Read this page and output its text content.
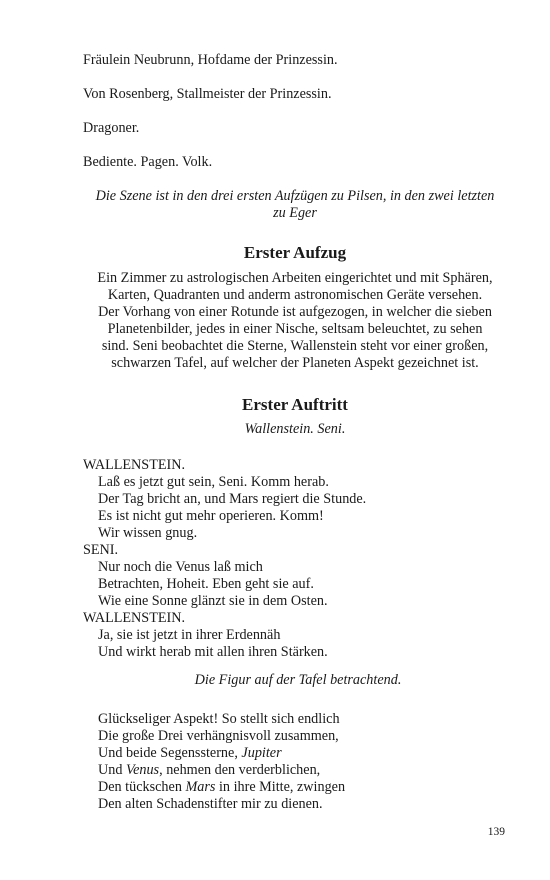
Fräulein Neubrunn, Hofdame der Prinzessin.
Von Rosenberg, Stallmeister der Prinzessin.
Dragoner.
Bediente. Pagen. Volk.
Die Szene ist in den drei ersten Aufzügen zu Pilsen, in den zwei letzten
zu Eger
Erster Aufzug
Ein Zimmer zu astrologischen Arbeiten eingerichtet und mit Sphären,
Karten, Quadranten und anderm astronomischen Geräte versehen.
Der Vorhang von einer Rotunde ist aufgezogen, in welcher die sieben
Planetenbilder, jedes in einer Nische, seltsam beleuchtet, zu sehen
sind. Seni beobachtet die Sterne, Wallenstein steht vor einer großen,
schwarzen Tafel, auf welcher der Planeten Aspekt gezeichnet ist.
Erster Auftritt
Wallenstein. Seni.
WALLENSTEIN.
Laß es jetzt gut sein, Seni. Komm herab.
Der Tag bricht an, und Mars regiert die Stunde.
Es ist nicht gut mehr operieren. Komm!
Wir wissen gnug.
SENI.
Nur noch die Venus laß mich
Betrachten, Hoheit. Eben geht sie auf.
Wie eine Sonne glänzt sie in dem Osten.
WALLENSTEIN.
Ja, sie ist jetzt in ihrer Erdennäh
Und wirkt herab mit allen ihren Stärken.
Die Figur auf der Tafel betrachtend.
Glückseliger Aspekt! So stellt sich endlich
Die große Drei verhängnisvoll zusammen,
Und beide Segenssterne, Jupiter
Und Venus, nehmen den verderblichen,
Den tückschen Mars in ihre Mitte, zwingen
Den alten Schadenstifter mir zu dienen.
139
